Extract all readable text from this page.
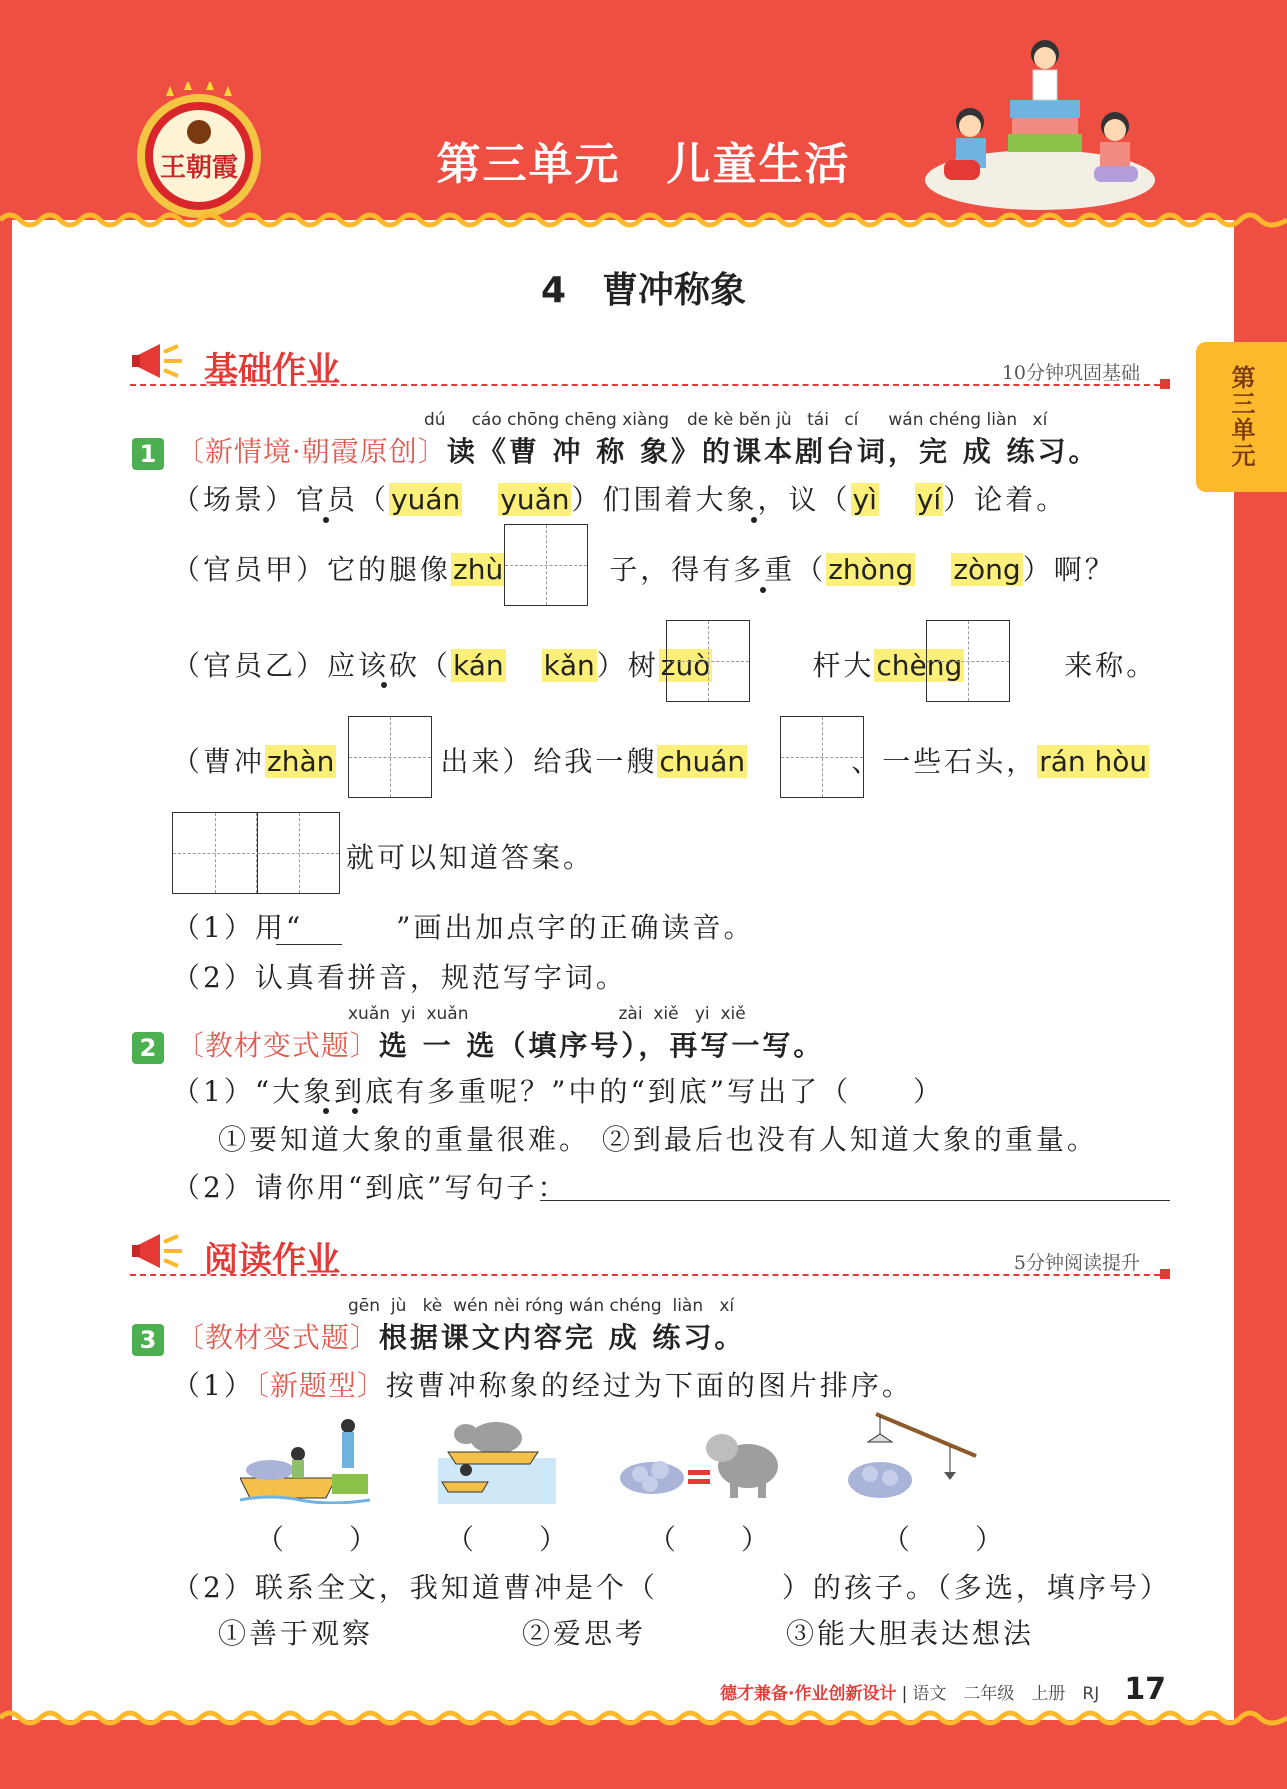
王朝霞	第三单元　儿童生活
第三单元
4　曹冲称象
基础作业	10分钟巩固基础
dú cáo chōng chēng xiàng de kè běn jù tái cí wán chéng liàn xí
1 〔新情境·朝霞原创〕读《曹 冲 称 象》的课本剧台词，完 成 练习。
（场景）官员（yuán yuǎn）们围着大象，议（yì yí）论着。
（官员甲）它的腿像zhù	子，得有多重（zhòng zòng）啊？
（官员乙）应该砍（kán kǎn）树zuò	杆大chèng	来称。
（曹冲zhàn	出来）给我一艘chuán	、一些石头，rán hòu
就可以知道答案。
（1）用“　　　”画出加点字的正确读音。
（2）认真看拼音，规范写字词。
xuǎn yi xuǎn	zài xiě yi xiě
2 〔教材变式题〕选 一 选（填序号），再写一写。
（1）“大象到底有多重呢？”中的“到底”写出了（　　）
①要知道大象的重量很难。 ②到最后也没有人知道大象的重量。
（2）请你用“到底”写句子：
阅读作业	5分钟阅读提升
gēn jù kè wén nèi róng wán chéng liàn xí
3 〔教材变式题〕根据课文内容完 成 练习。
（1）〔新题型〕按曹冲称象的经过为下面的图片排序。
（　　） （　　）	（　　）	（　　）
（2）联系全文，我知道曹冲是个（　　　　）的孩子。（多选，填序号）
①善于观察	②爱思考	③能大胆表达想法
德才兼备·作业创新设计 | 语文　二年级　上册　RJ 17
